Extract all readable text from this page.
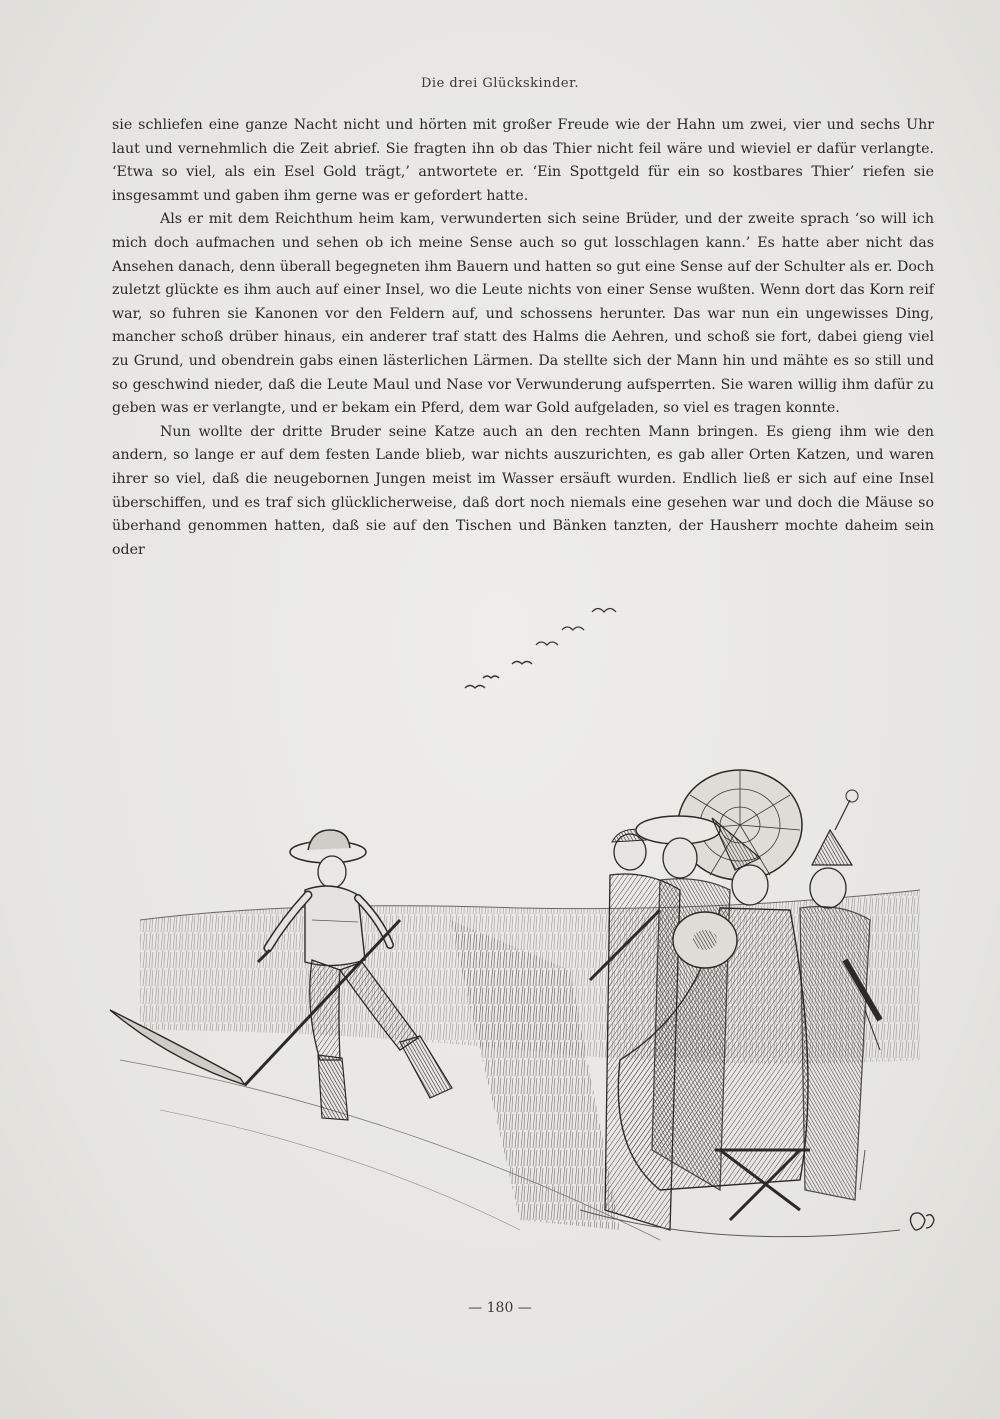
Die drei Glückskinder.

sie schliefen eine ganze Nacht nicht und hörten mit großer Freude wie der Hahn um zwei, vier und sechs Uhr laut und vernehmlich die Zeit abrief. Sie fragten ihn ob das Thier nicht feil wäre und wieviel er dafür verlangte. ‘Etwa so viel, als ein Esel Gold trägt,’ antwortete er. ‘Ein Spottgeld für ein so kostbares Thier’ riefen sie insgesammt und gaben ihm gerne was er gefordert hatte.

Als er mit dem Reichthum heim kam, verwunderten sich seine Brüder, und der zweite sprach ‘so will ich mich doch aufmachen und sehen ob ich meine Sense auch so gut losschlagen kann.’ Es hatte aber nicht das Ansehen danach, denn überall begegneten ihm Bauern und hatten so gut eine Sense auf der Schulter als er. Doch zuletzt glückte es ihm auch auf einer Insel, wo die Leute nichts von einer Sense wußten. Wenn dort das Korn reif war, so fuhren sie Kanonen vor den Feldern auf, und schossens herunter. Das war nun ein ungewisses Ding, mancher schoß drüber hinaus, ein anderer traf statt des Halms die Aehren, und schoß sie fort, dabei gieng viel zu Grund, und obendrein gabs einen lästerlichen Lärmen. Da stellte sich der Mann hin und mähte es so still und so geschwind nieder, daß die Leute Maul und Nase vor Verwunderung aufsperrten. Sie waren willig ihm dafür zu geben was er verlangte, und er bekam ein Pferd, dem war Gold aufgeladen, so viel es tragen konnte.

Nun wollte der dritte Bruder seine Katze auch an den rechten Mann bringen. Es gieng ihm wie den andern, so lange er auf dem festen Lande blieb, war nichts auszurichten, es gab aller Orten Katzen, und waren ihrer so viel, daß die neugebornen Jungen meist im Wasser ersäuft wurden. Endlich ließ er sich auf eine Insel überschiffen, und es traf sich glücklicherweise, daß dort noch niemals eine gesehen war und doch die Mäuse so überhand genommen hatten, daß sie auf den Tischen und Bänken tanzten, der Hausherr mochte daheim sein oder

— 180 —
